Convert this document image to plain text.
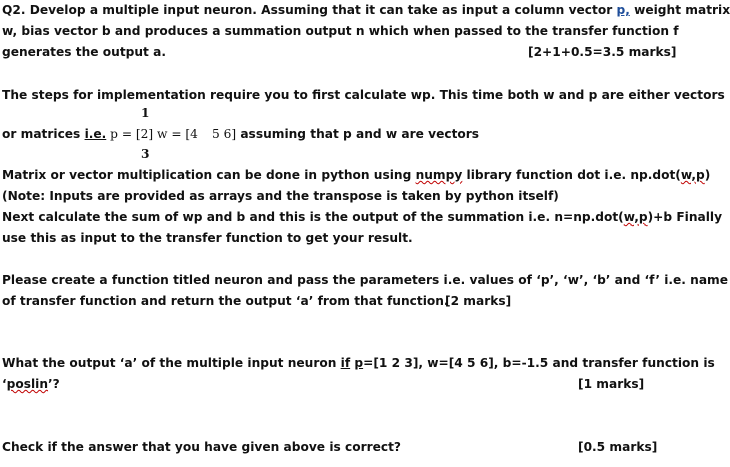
Q2. Develop a multiple input neuron. Assuming that it can take as input a column vector p, weight matrix
w, bias vector b and produces a summation output n which when passed to the transfer function f
generates the output a.	[2+1+0.5=3.5 marks]
The steps for implementation require you to first calculate wp. This time both w and p are either vectors
1
or matrices i.e. p = [2] w = [4 5 6] assuming that p and w are vectors
3
Matrix or vector multiplication can be done in python using numpy library function dot i.e. np.dot(w,p)
(Note: Inputs are provided as arrays and the transpose is taken by python itself)
Next calculate the sum of wp and b and this is the output of the summation i.e. n=np.dot(w,p)+b Finally
use this as input to the transfer function to get your result.
Please create a function titled neuron and pass the parameters i.e. values of ‘p’, ‘w’, ‘b’ and ‘f’ i.e. name
of transfer function and return the output ‘a’ from that function.
[2 marks]
What the output ‘a’ of the multiple input neuron if p=[1 2 3], w=[4 5 6], b=-1.5 and transfer function is
‘poslin’?	[1 marks]
Check if the answer that you have given above is correct?	[0.5 marks]
